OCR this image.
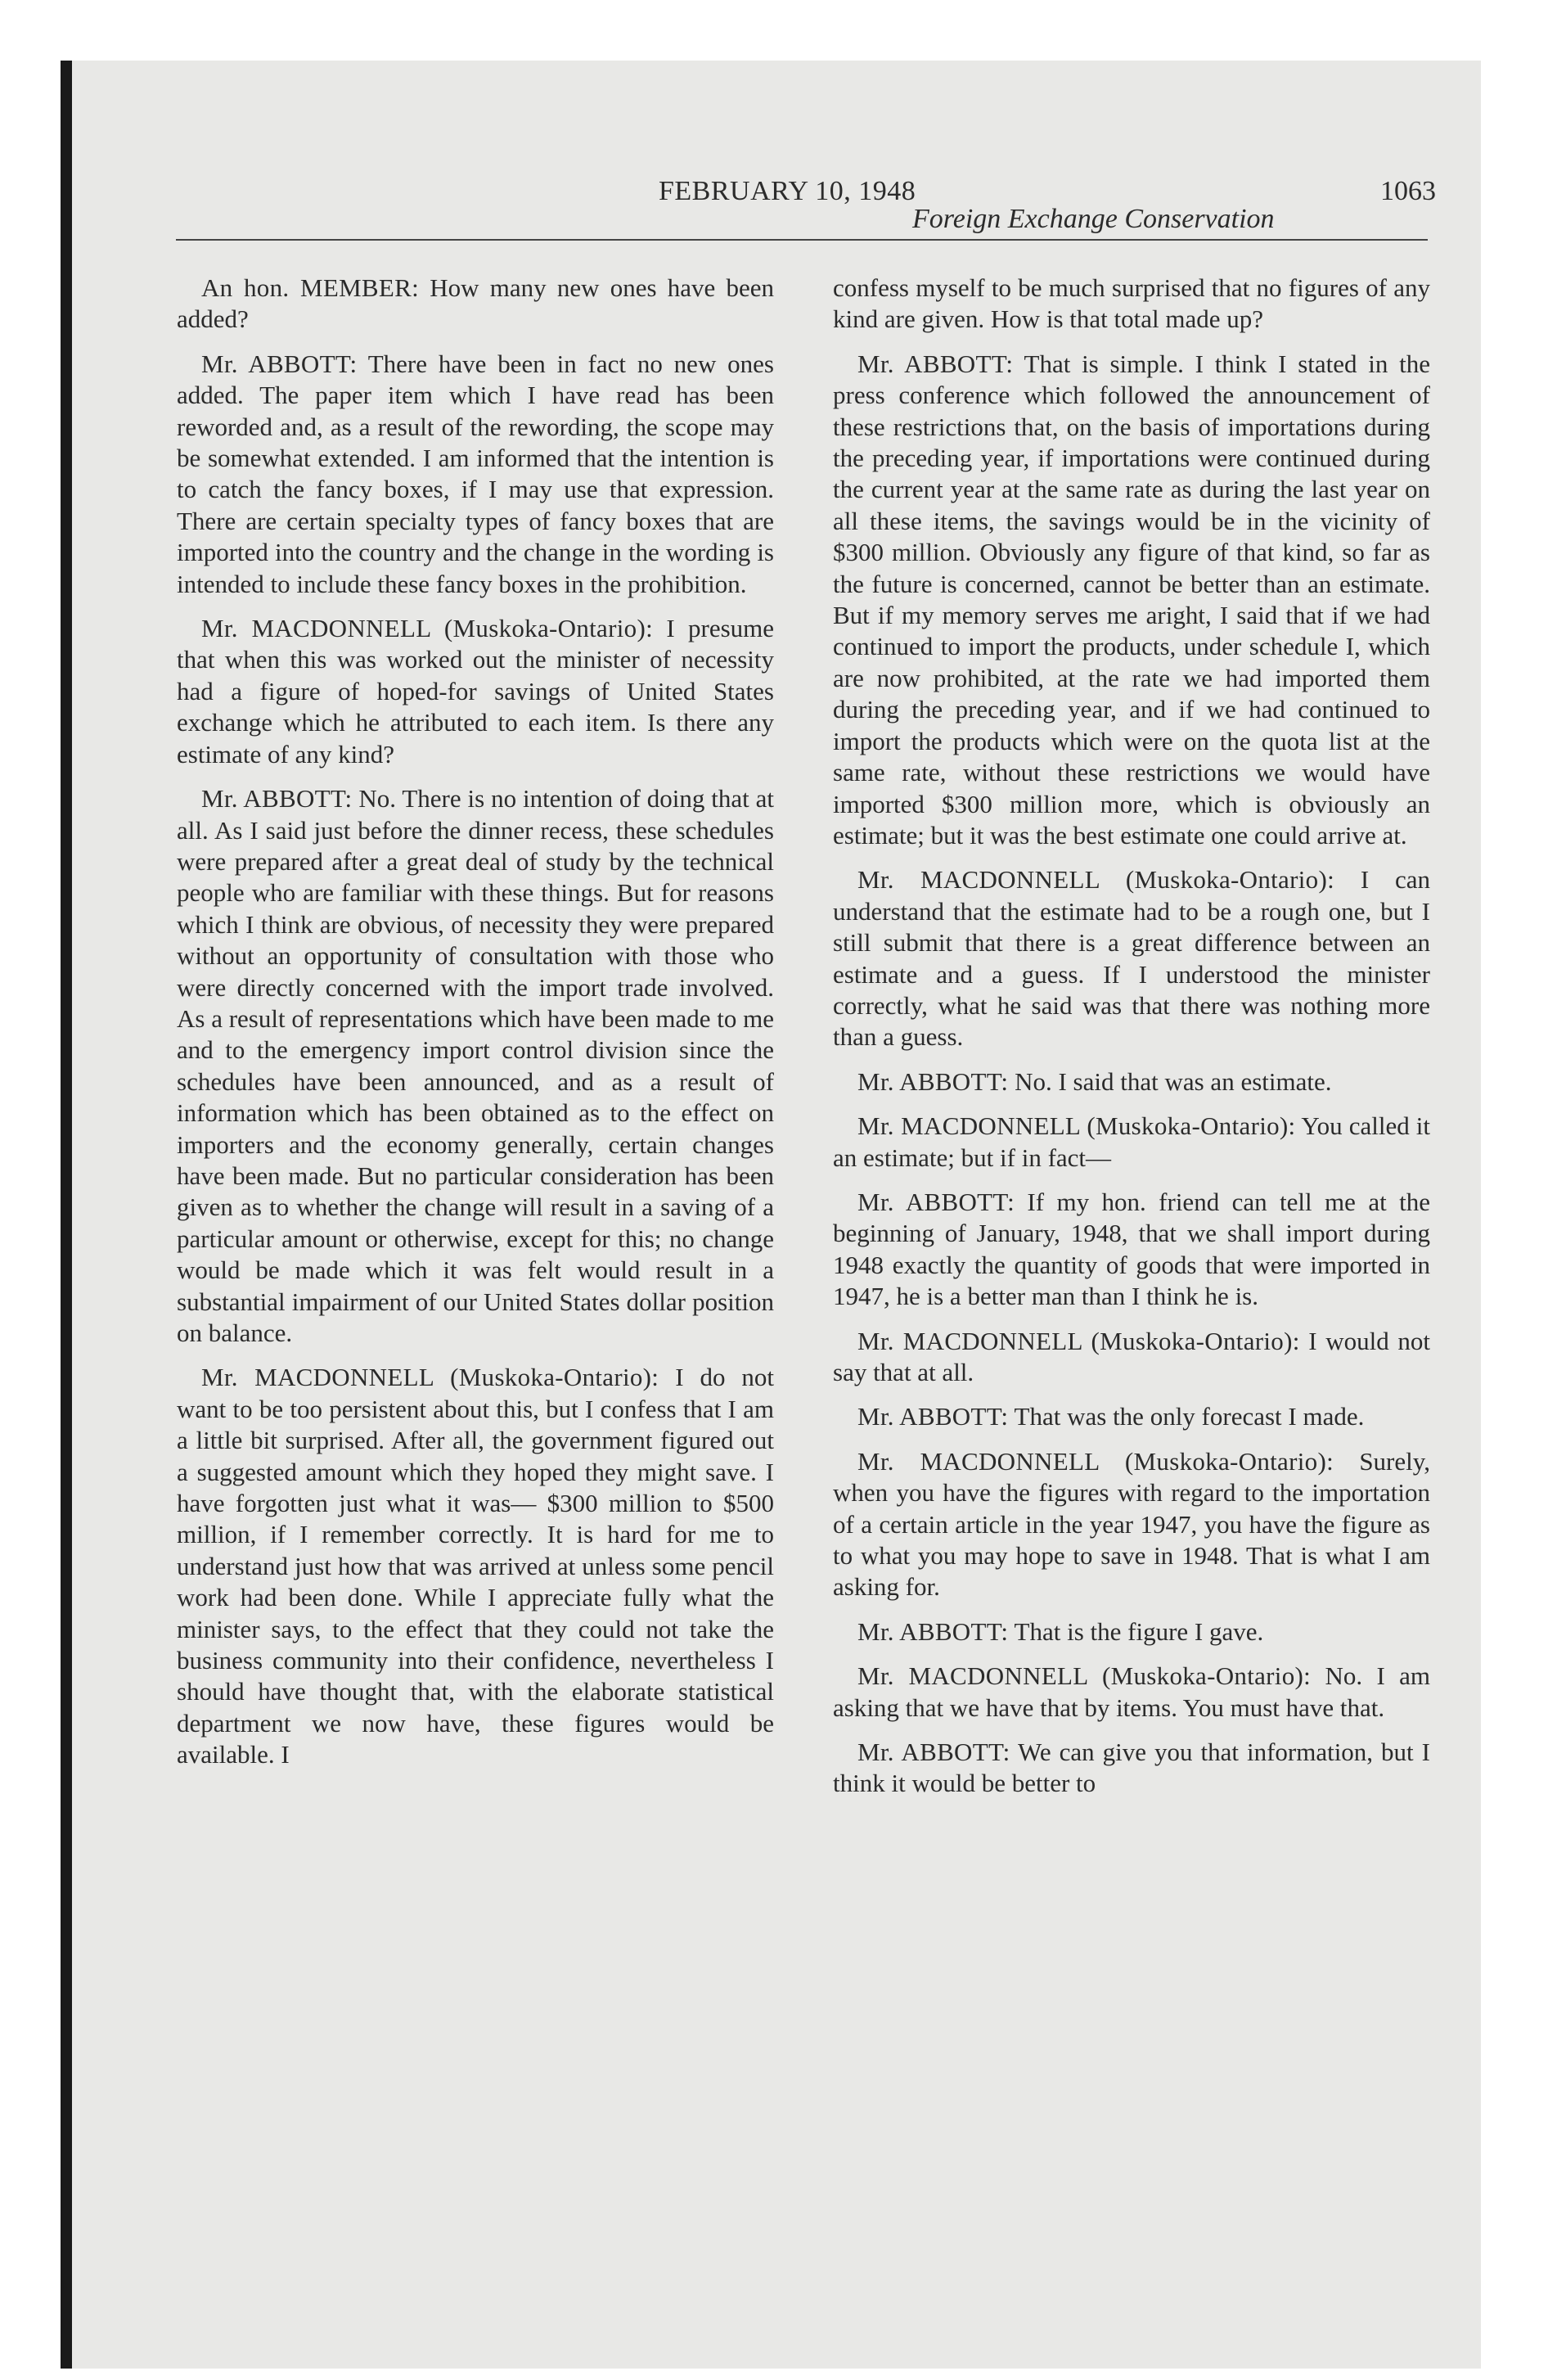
FEBRUARY 10, 1948	1063
Foreign Exchange Conservation

An hon. MEMBER: How many new ones have been added?

Mr. ABBOTT: There have been in fact no new ones added. The paper item which I have read has been reworded and, as a result of the rewording, the scope may be somewhat extended. I am informed that the intention is to catch the fancy boxes, if I may use that expression. There are certain specialty types of fancy boxes that are imported into the country and the change in the wording is intended to include these fancy boxes in the prohibition.

Mr. MACDONNELL (Muskoka-Ontario): I presume that when this was worked out the minister of necessity had a figure of hoped-for savings of United States exchange which he attributed to each item. Is there any estimate of any kind?

Mr. ABBOTT: No. There is no intention of doing that at all. As I said just before the dinner recess, these schedules were prepared after a great deal of study by the technical people who are familiar with these things. But for reasons which I think are obvious, of necessity they were prepared without an opportunity of consultation with those who were directly concerned with the import trade involved. As a result of representations which have been made to me and to the emergency import control division since the schedules have been announced, and as a result of information which has been obtained as to the effect on importers and the economy generally, certain changes have been made. But no particular consideration has been given as to whether the change will result in a saving of a particular amount or otherwise, except for this; no change would be made which it was felt would result in a substantial impairment of our United States dollar position on balance.

Mr. MACDONNELL (Muskoka-Ontario): I do not want to be too persistent about this, but I confess that I am a little bit surprised. After all, the government figured out a suggested amount which they hoped they might save. I have forgotten just what it was— $300 million to $500 million, if I remember correctly. It is hard for me to understand just how that was arrived at unless some pencil work had been done. While I appreciate fully what the minister says, to the effect that they could not take the business community into their confidence, nevertheless I should have thought that, with the elaborate statistical department we now have, these figures would be available. I

confess myself to be much surprised that no figures of any kind are given. How is that total made up?

Mr. ABBOTT: That is simple. I think I stated in the press conference which followed the announcement of these restrictions that, on the basis of importations during the preceding year, if importations were continued during the current year at the same rate as during the last year on all these items, the savings would be in the vicinity of $300 million. Obviously any figure of that kind, so far as the future is concerned, cannot be better than an estimate. But if my memory serves me aright, I said that if we had continued to import the products, under schedule I, which are now prohibited, at the rate we had imported them during the preceding year, and if we had continued to import the products which were on the quota list at the same rate, without these restrictions we would have imported $300 million more, which is obviously an estimate; but it was the best estimate one could arrive at.

Mr. MACDONNELL (Muskoka-Ontario): I can understand that the estimate had to be a rough one, but I still submit that there is a great difference between an estimate and a guess. If I understood the minister correctly, what he said was that there was nothing more than a guess.

Mr. ABBOTT: No. I said that was an estimate.

Mr. MACDONNELL (Muskoka-Ontario): You called it an estimate; but if in fact—

Mr. ABBOTT: If my hon. friend can tell me at the beginning of January, 1948, that we shall import during 1948 exactly the quantity of goods that were imported in 1947, he is a better man than I think he is.

Mr. MACDONNELL (Muskoka-Ontario): I would not say that at all.

Mr. ABBOTT: That was the only forecast I made.

Mr. MACDONNELL (Muskoka-Ontario): Surely, when you have the figures with regard to the importation of a certain article in the year 1947, you have the figure as to what you may hope to save in 1948. That is what I am asking for.

Mr. ABBOTT: That is the figure I gave.

Mr. MACDONNELL (Muskoka-Ontario): No. I am asking that we have that by items. You must have that.

Mr. ABBOTT: We can give you that information, but I think it would be better to
